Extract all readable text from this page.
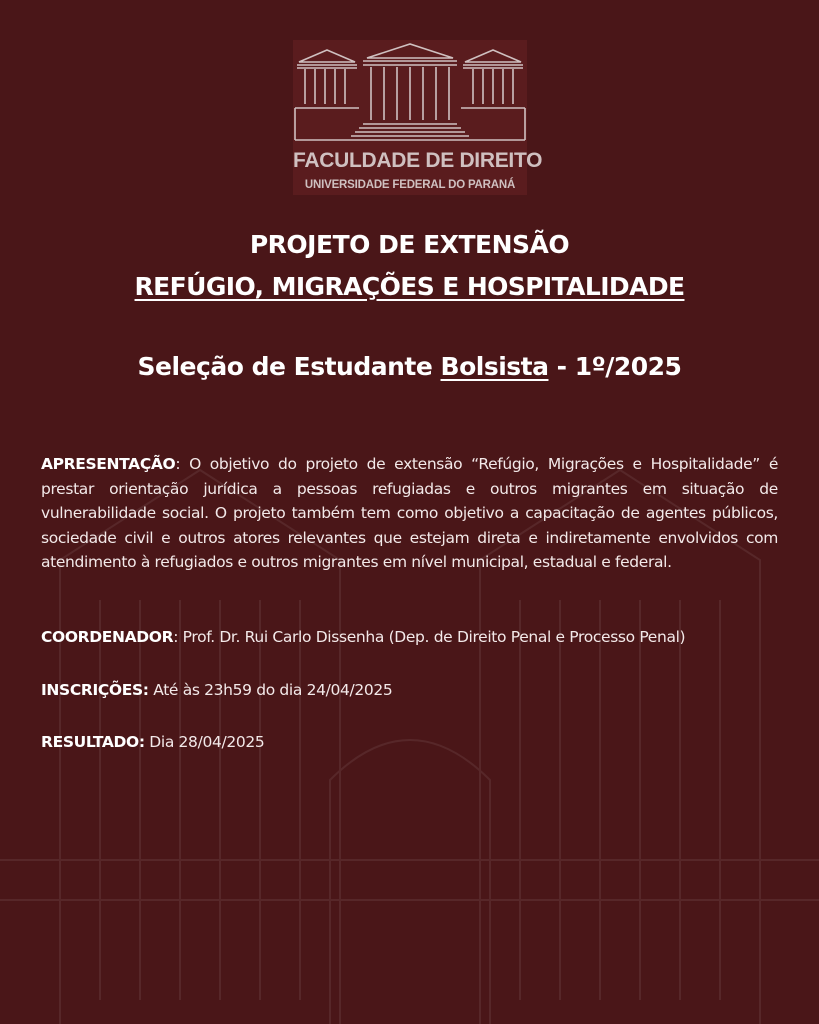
FACULDADE DE DIREITO
UNIVERSIDADE FEDERAL DO PARANÁ
PROJETO DE EXTENSÃO
REFÚGIO, MIGRAÇÕES E HOSPITALIDADE
Seleção de Estudante Bolsista - 1º/2025
APRESENTAÇÃO: O objetivo do projeto de extensão “Refúgio, Migrações e Hospitalidade” é prestar orientação jurídica a pessoas refugiadas e outros migrantes em situação de vulnerabilidade social. O projeto também tem como objetivo a capacitação de agentes públicos, sociedade civil e outros atores relevantes que estejam direta e indiretamente envolvidos com atendimento à refugiados e outros migrantes em nível municipal, estadual e federal.
COORDENADOR: Prof. Dr. Rui Carlo Dissenha (Dep. de Direito Penal e Processo Penal)
INSCRIÇÕES: Até às 23h59 do dia 24/04/2025
RESULTADO: Dia 28/04/2025
